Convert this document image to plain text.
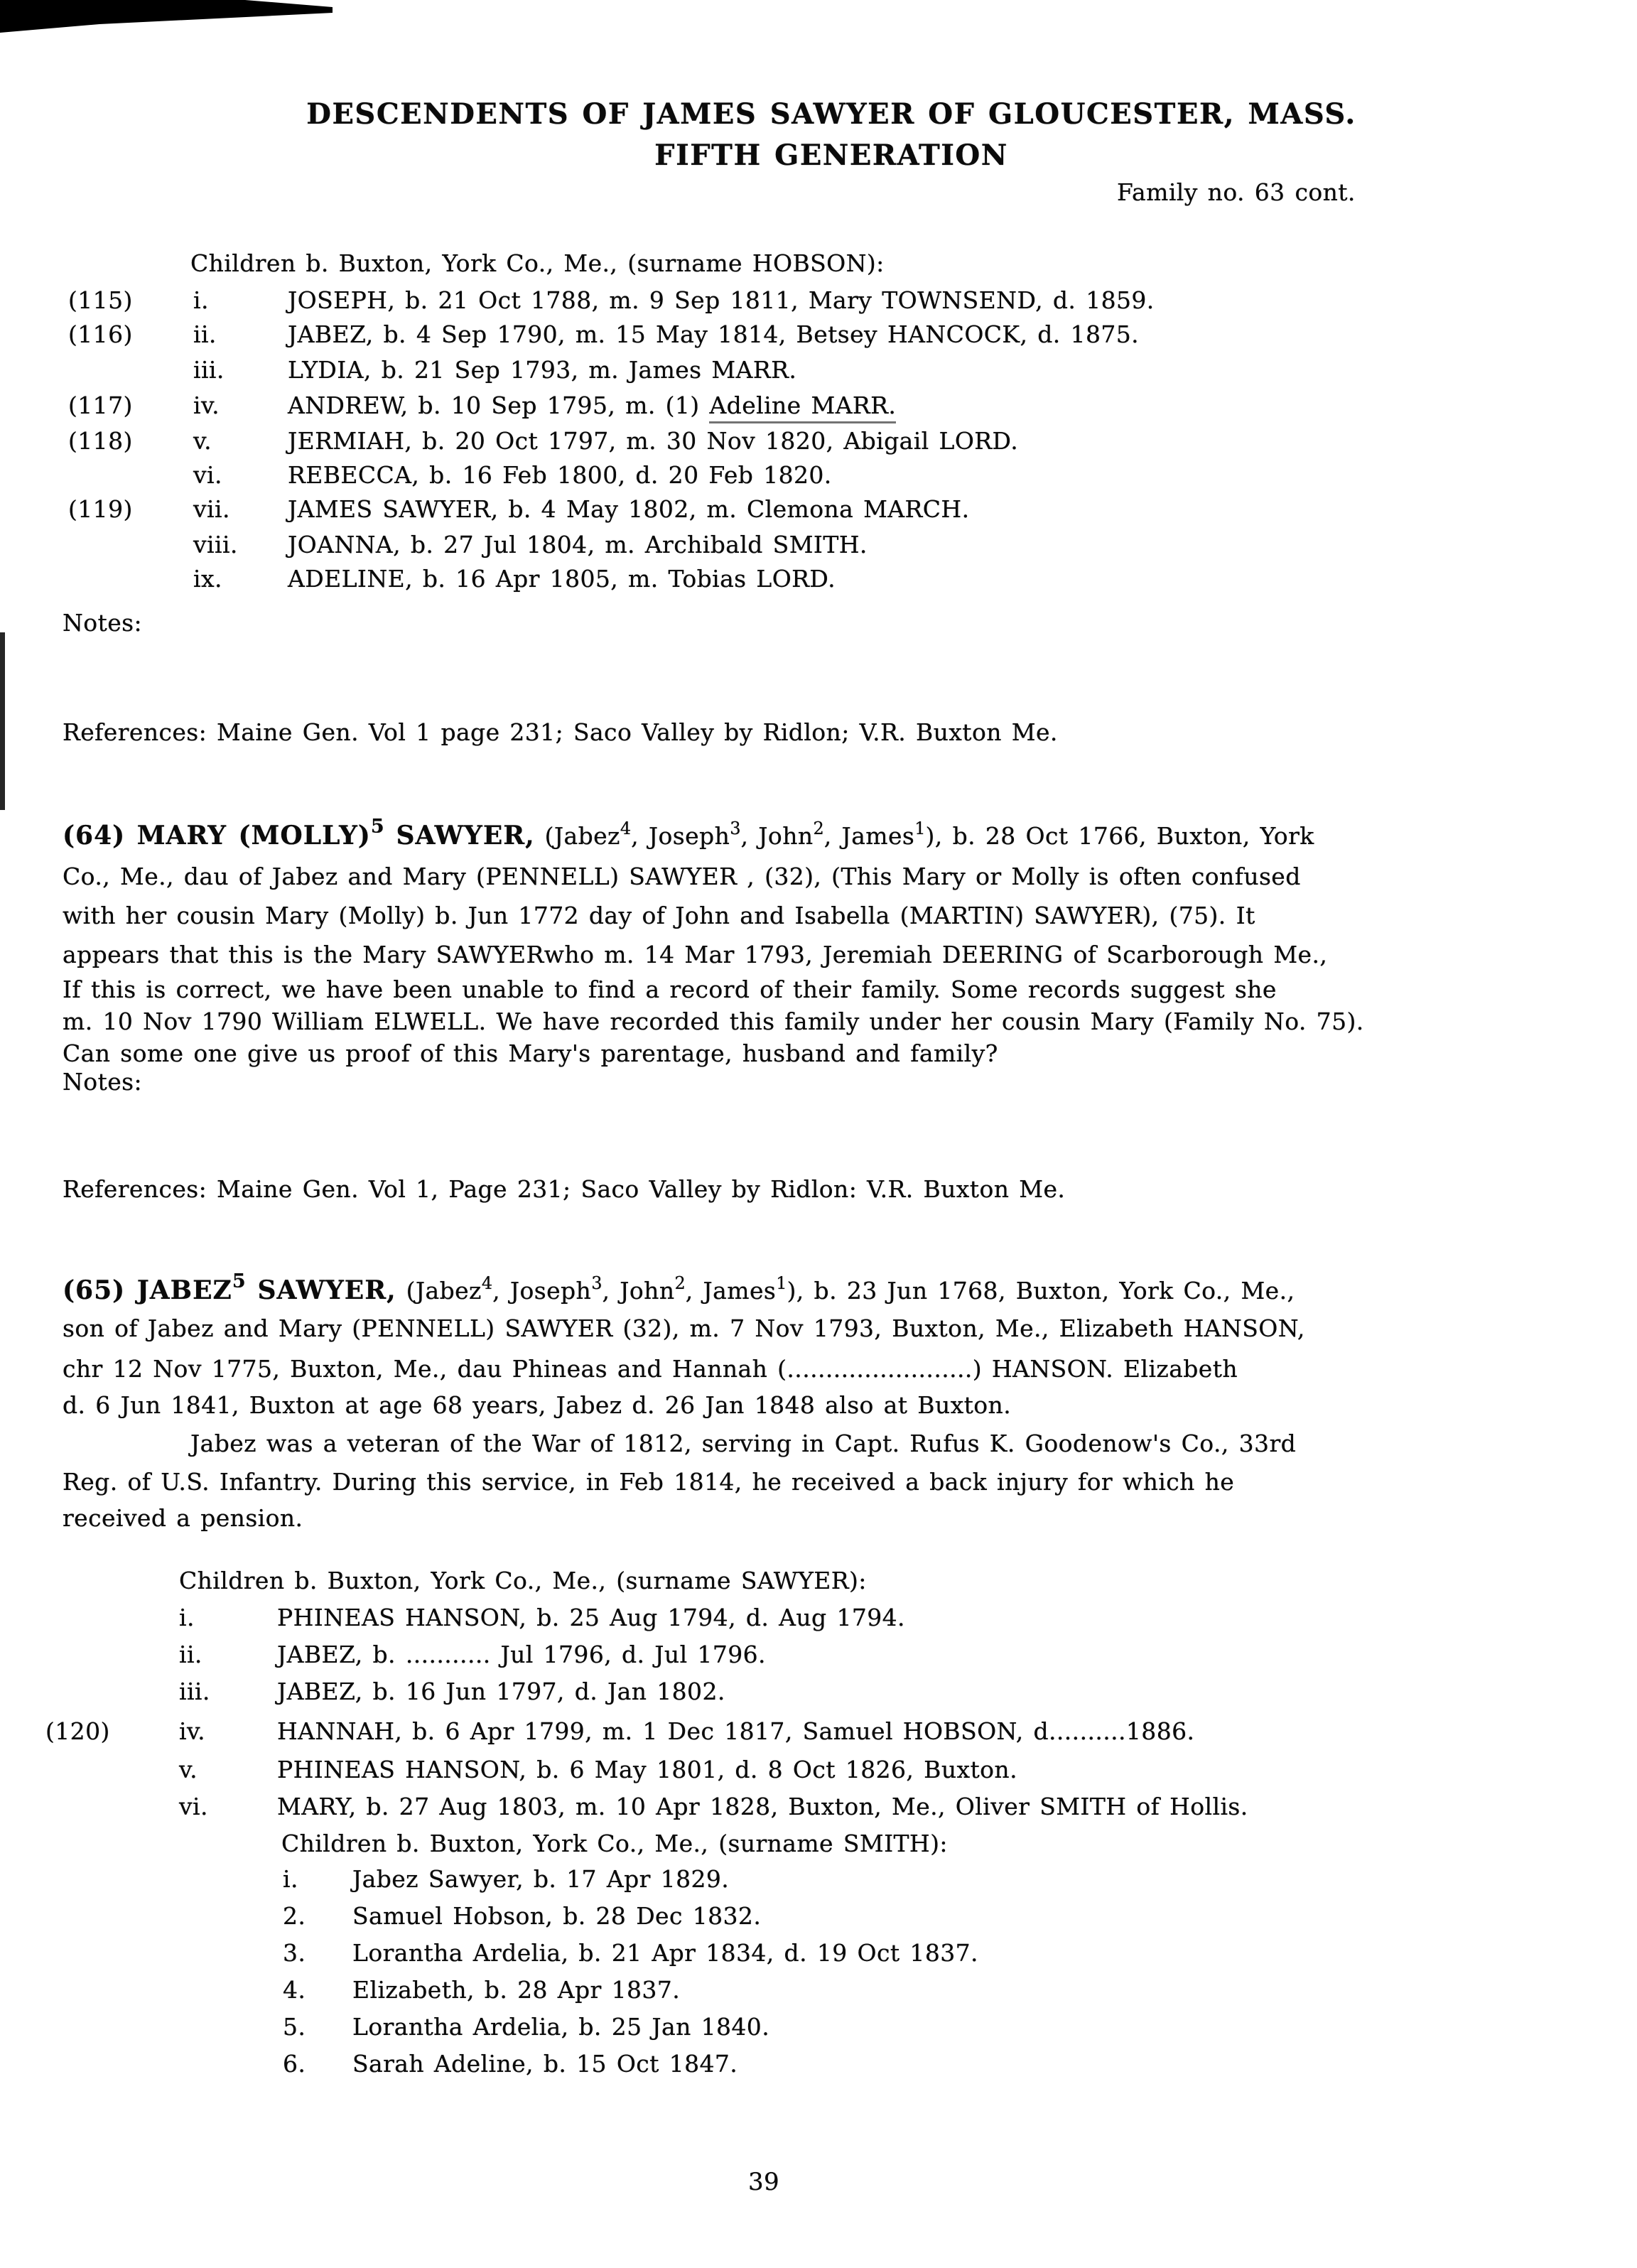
DESCENDENTS OF JAMES SAWYER OF GLOUCESTER, MASS.
FIFTH GENERATION
Family no. 63 cont.
Children b. Buxton, York Co., Me., (surname HOBSON):
(115)	i.	JOSEPH, b. 21 Oct 1788, m. 9 Sep 1811, Mary TOWNSEND, d. 1859.
(116)	ii.	JABEZ, b. 4 Sep 1790, m. 15 May 1814, Betsey HANCOCK, d. 1875.
iii.	LYDIA, b. 21 Sep 1793, m. James MARR.
(117)	iv.	ANDREW, b. 10 Sep 1795, m. (1) Adeline MARR.
(118)	v.	JERMIAH, b. 20 Oct 1797, m. 30 Nov 1820, Abigail LORD.
vi.	REBECCA, b. 16 Feb 1800, d. 20 Feb 1820.
(119)	vii. JAMES SAWYER, b. 4 May 1802, m. Clemona MARCH.
viii. JOANNA, b. 27 Jul 1804, m. Archibald SMITH.
ix.	ADELINE, b. 16 Apr 1805, m. Tobias LORD.
Notes:
References: Maine Gen. Vol 1 page 231; Saco Valley by Ridlon; V.R. Buxton Me.
(64) MARY (MOLLY)$^5$ SAWYER, (Jabez$^4$, Joseph$^3$, John$^2$, James$^1$), b. 28 Oct 1766, Buxton, York
Co., Me., dau of Jabez and Mary (PENNELL) SAWYER , (32), (This Mary or Molly is often confused
with her cousin Mary (Molly) b. Jun 1772 day of John and Isabella (MARTIN) SAWYER), (75). It
appears that this is the Mary SAWYERwho m. 14 Mar 1793, Jeremiah DEERING of Scarborough Me.,
If this is correct, we have been unable to find a record of their family. Some records suggest she
m. 10 Nov 1790 William ELWELL. We have recorded this family under her cousin Mary (Family No. 75).
Can some one give us proof of this Mary's parentage, husband and family?
Notes:
References: Maine Gen. Vol 1, Page 231; Saco Valley by Ridlon: V.R. Buxton Me.
(65) JABEZ$^5$ SAWYER, (Jabez$^4$, Joseph$^3$, John$^2$, James$^1$), b. 23 Jun 1768, Buxton, York Co., Me.,
son of Jabez and Mary (PENNELL) SAWYER (32), m. 7 Nov 1793, Buxton, Me., Elizabeth HANSON,
chr 12 Nov 1775, Buxton, Me., dau Phineas and Hannah (........................) HANSON. Elizabeth
d. 6 Jun 1841, Buxton at age 68 years, Jabez d. 26 Jan 1848 also at Buxton.
Jabez was a veteran of the War of 1812, serving in Capt. Rufus K. Goodenow's Co., 33rd
Reg. of U.S. Infantry. During this service, in Feb 1814, he received a back injury for which he
received a pension.
Children b. Buxton, York Co., Me., (surname SAWYER):
i.	PHINEAS HANSON, b. 25 Aug 1794, d. Aug 1794.
ii.	JABEZ, b. ........... Jul 1796, d. Jul 1796.
iii.	JABEZ, b. 16 Jun 1797, d. Jan 1802.
(120)	iv.	HANNAH, b. 6 Apr 1799, m. 1 Dec 1817, Samuel HOBSON, d..........1886.
v.	PHINEAS HANSON, b. 6 May 1801, d. 8 Oct 1826, Buxton.
vi.	MARY, b. 27 Aug 1803, m. 10 Apr 1828, Buxton, Me., Oliver SMITH of Hollis.
Children b. Buxton, York Co., Me., (surname SMITH):
i. Jabez Sawyer, b. 17 Apr 1829.
2. Samuel Hobson, b. 28 Dec 1832.
3. Lorantha Ardelia, b. 21 Apr 1834, d. 19 Oct 1837.
4. Elizabeth, b. 28 Apr 1837.
5. Lorantha Ardelia, b. 25 Jan 1840.
6. Sarah Adeline, b. 15 Oct 1847.
39
